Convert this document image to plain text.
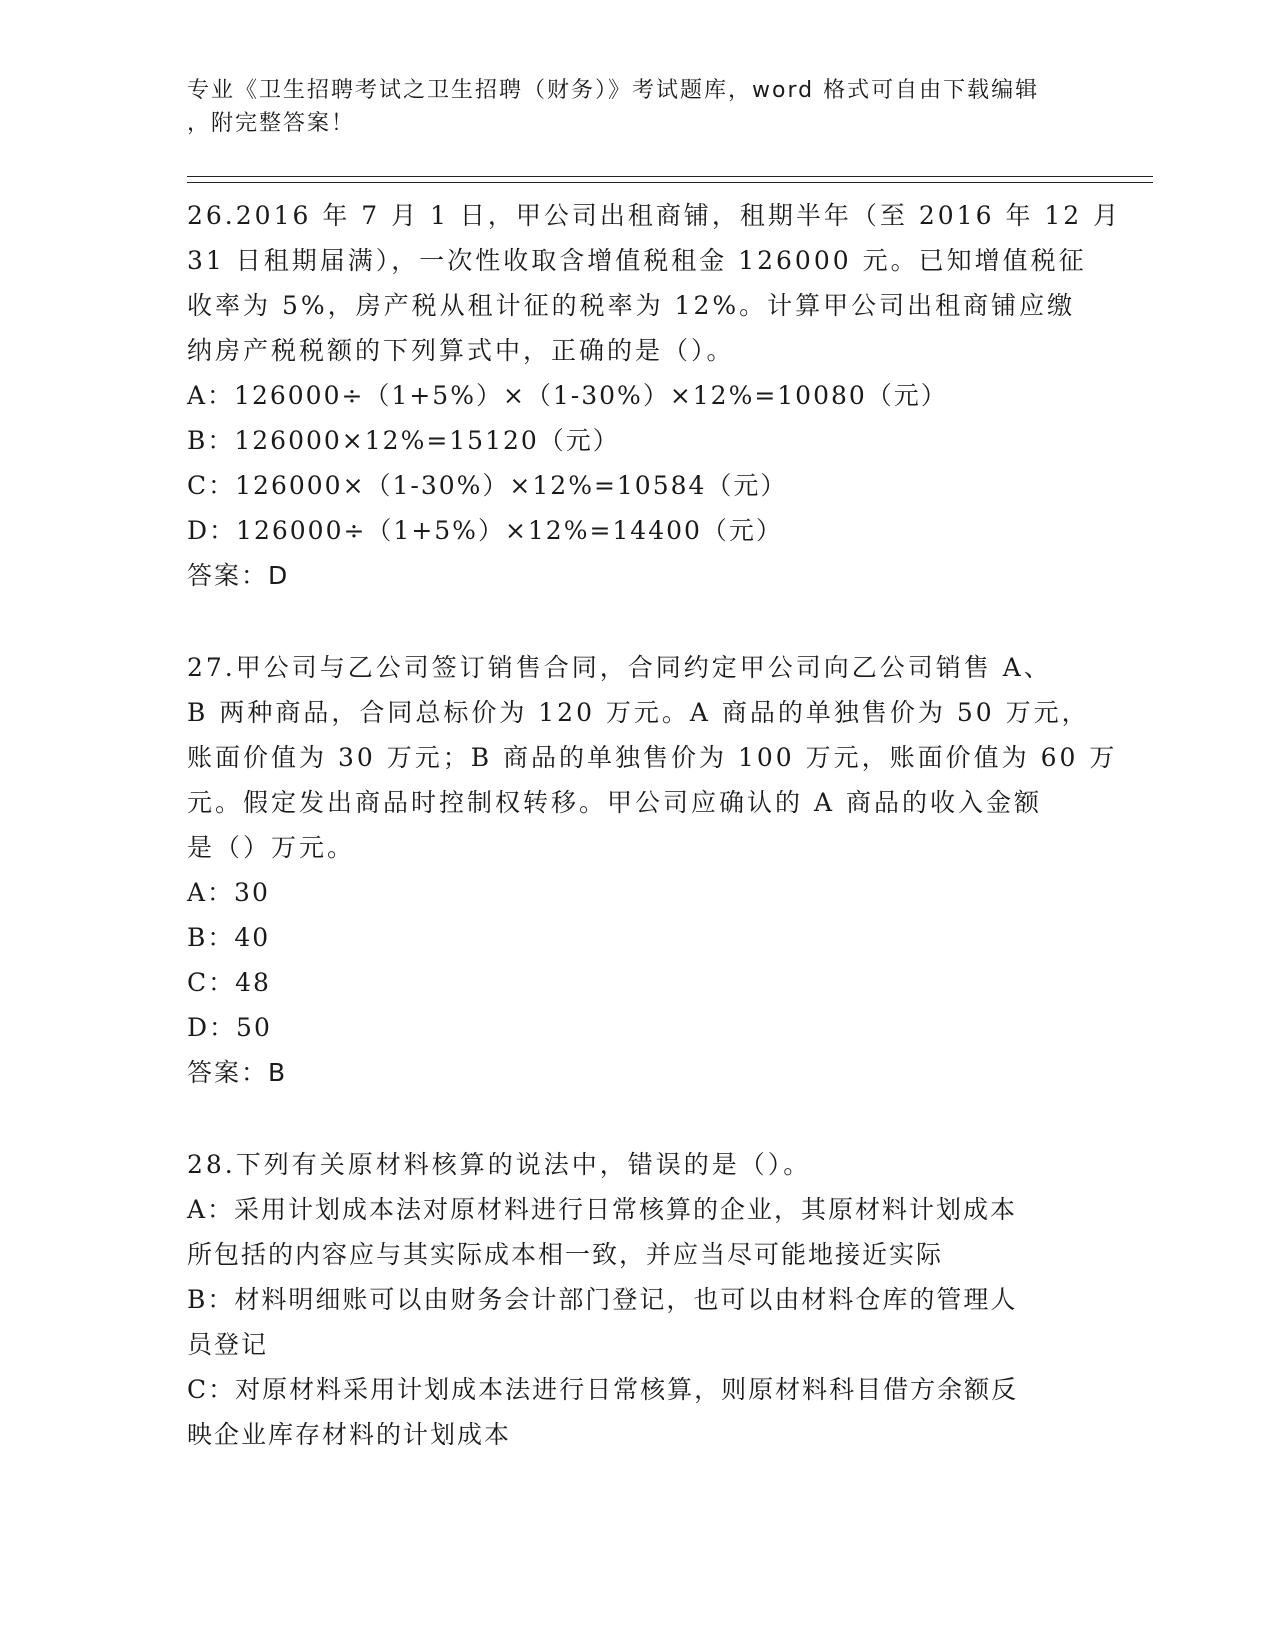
专业《卫生招聘考试之卫生招聘（财务）》考试题库，word 格式可自由下载编辑
，附完整答案！

26.2016 年 7 月 1 日，甲公司出租商铺，租期半年（至 2016 年 12 月
31 日租期届满），一次性收取含增值税租金 126000 元。已知增值税征
收率为 5%，房产税从租计征的税率为 12%。计算甲公司出租商铺应缴
纳房产税税额的下列算式中，正确的是（）。

A：126000÷（1+5%）×（1-30%）×12%=10080（元）

B：126000×12%=15120（元）

C：126000×（1-30%）×12%=10584（元）

D：126000÷（1+5%）×12%=14400（元）

答案：D

27.甲公司与乙公司签订销售合同，合同约定甲公司向乙公司销售 A、
B 两种商品，合同总标价为 120 万元。A 商品的单独售价为 50 万元，
账面价值为 30 万元；B 商品的单独售价为 100 万元，账面价值为 60 万
元。假定发出商品时控制权转移。甲公司应确认的 A 商品的收入金额
是（）万元。

A：30

B：40

C：48

D：50

答案：B

28.下列有关原材料核算的说法中，错误的是（）。

A：采用计划成本法对原材料进行日常核算的企业，其原材料计划成本
所包括的内容应与其实际成本相一致，并应当尽可能地接近实际

B：材料明细账可以由财务会计部门登记，也可以由材料仓库的管理人
员登记

C：对原材料采用计划成本法进行日常核算，则原材料科目借方余额反
映企业库存材料的计划成本
